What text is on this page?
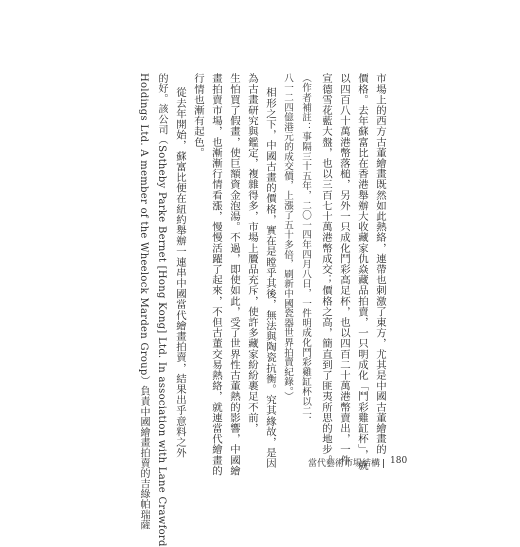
市場上的西方古董繪畫既然如此熱絡，連帶也刺激了東方，尤其是中國古董繪畫的
價格。去年蘇富比在香港舉辦大收藏家仇焱藏品拍賣，一只明成化「鬥彩雞缸杯」，就
以四百八十萬港幣落槌，另外一只成化鬥彩高足杯，也以四百二十萬港幣賣出，一件
宣德雪花藍大盤，也以三百七十萬港幣成交；價格之高，簡直到了匪夷所思的地步。
（作者補註：事隔三十五年，二〇一四年四月八日，一件明成化鬥彩雞缸杯以二．
八一二四億港元的成交價，上漲了五十多倍，刷新中國瓷器世界拍賣紀錄。）
相形之下，中國古畫的價格，實在是瞠乎其後，無法與陶瓷抗衡。究其緣故，是因
為古畫研究與鑑定，複雜得多，市場上贗品充斥，使許多藏家紛紛裹足不前，
生怕買了假畫，使巨額資金泡湯。不過，即使如此，受了世界性古董熱的影響，中國繪
畫拍賣市場，也漸漸行情看漲，慢慢活躍了起來，不但古董交易熱絡，就連當代繪畫的
行情也漸有起色。
從去年開始，蘇富比便在紐約舉辦一連串中國當代繪畫拍賣，結果出乎意料之外
的好。該公司（Sotheby Parke Bernet [Hong Kong] Ltd. In association with Lane Crawford
Holdings Ltd. A member of the Wheelock Marden Group）負責中國繪畫拍賣的吉綠帕瑞薩	當代藝術市場結構 180
